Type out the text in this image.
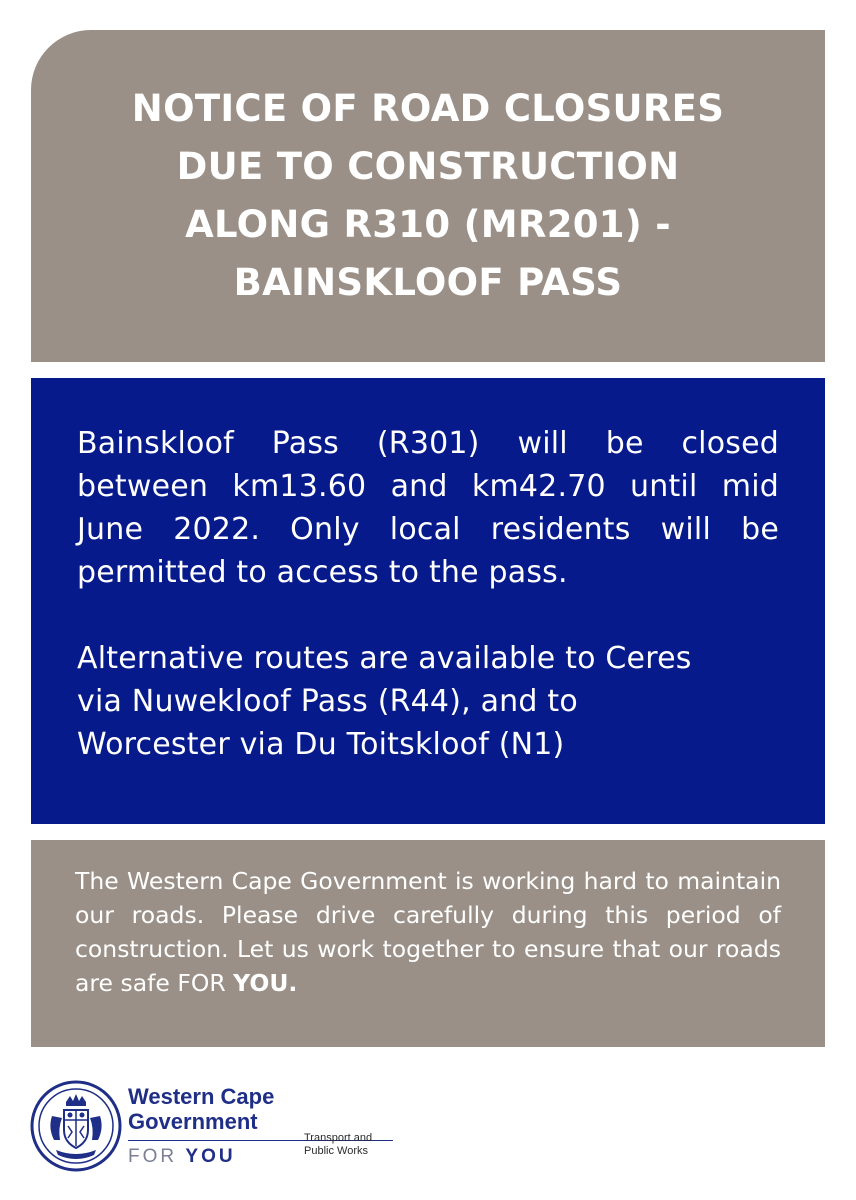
NOTICE OF ROAD CLOSURES
DUE TO CONSTRUCTION
ALONG R310 (MR201) -
BAINSKLOOF PASS

Bainskloof Pass (R301) will be closed between km13.60 and km42.70 until mid June 2022. Only local residents will be permitted to access to the pass.

Alternative routes are available to Ceres
via Nuwekloof Pass (R44), and to
Worcester via Du Toitskloof (N1)

The Western Cape Government is working hard to maintain our roads. Please drive carefully during this period of construction. Let us work together to ensure that our roads are safe FOR YOU.

Western Cape
Government
FOR YOU
Transport and
Public Works
